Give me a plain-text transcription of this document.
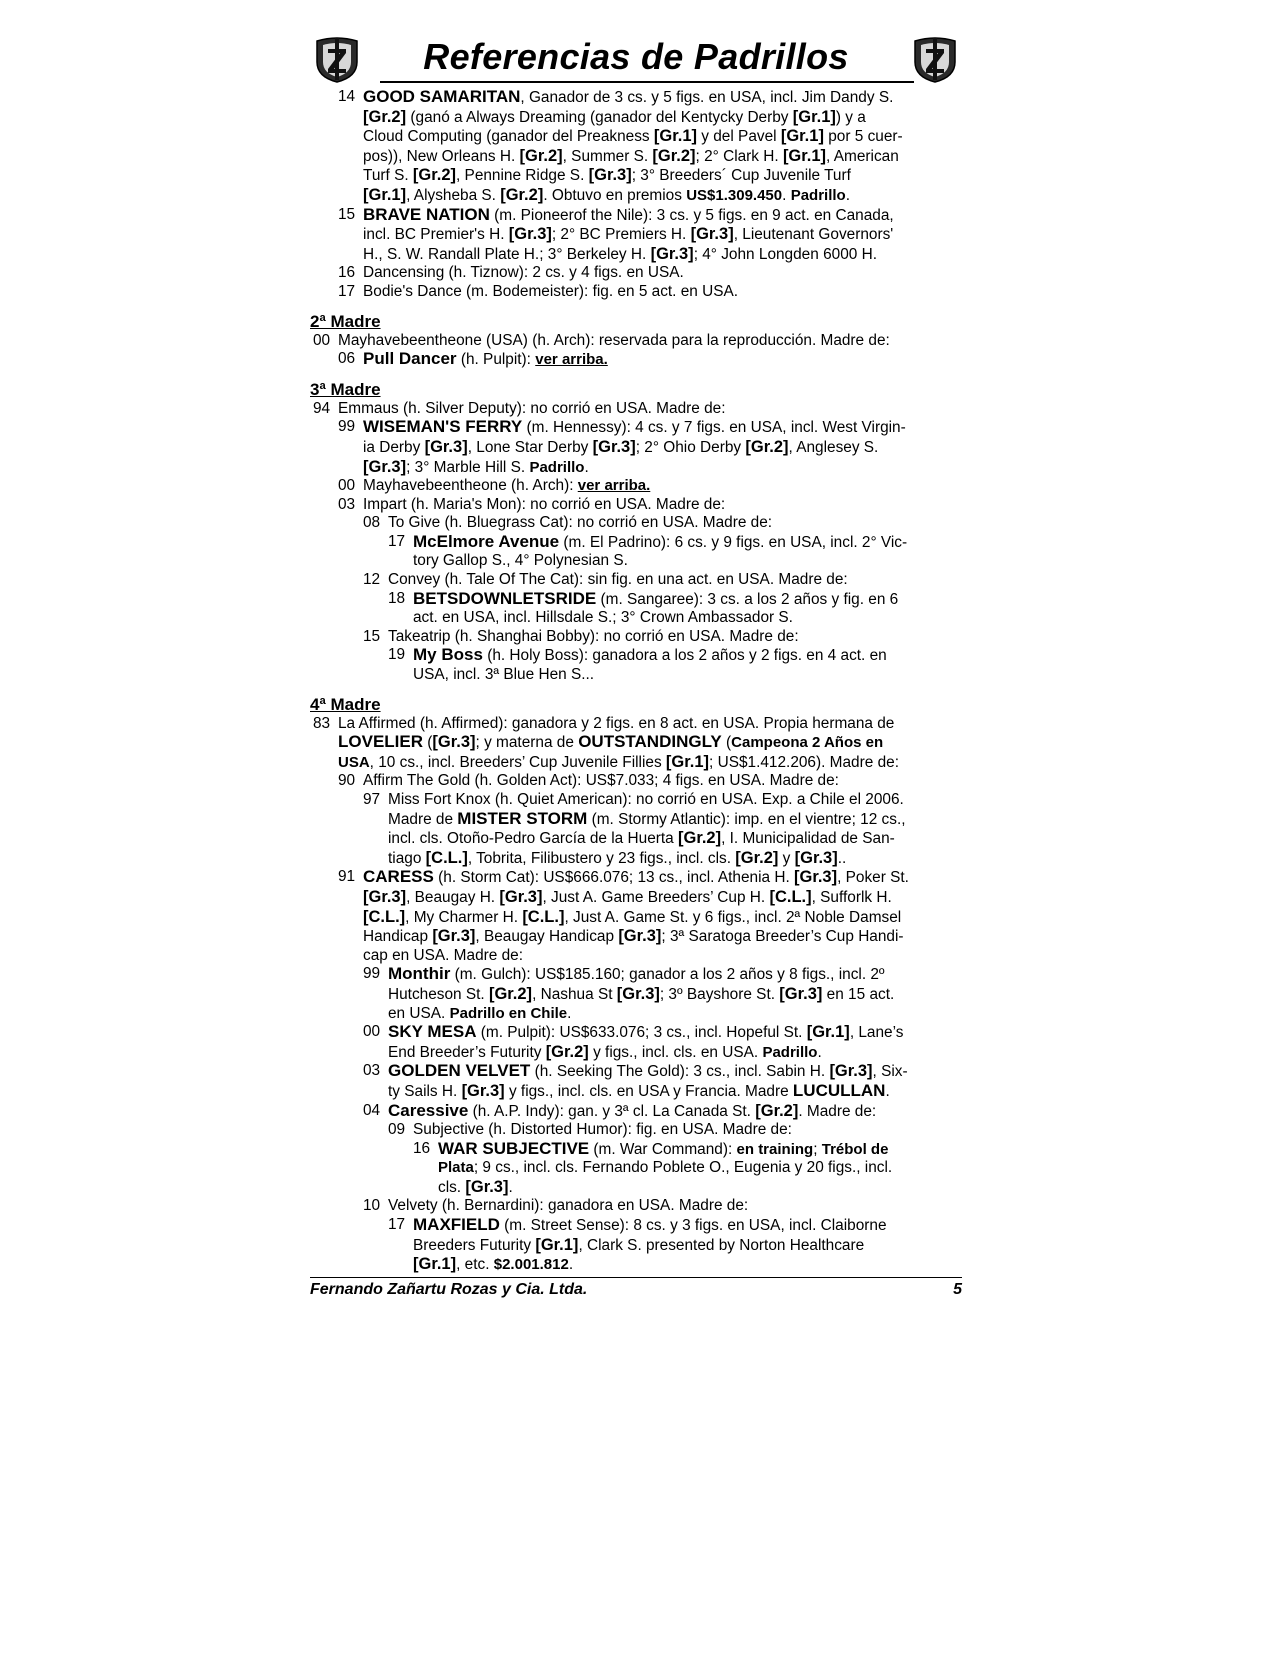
Referencias de Padrillos
14 GOOD SAMARITAN, Ganador de 3 cs. y 5 figs. en USA, incl. Jim Dandy S.
[Gr.2] (ganó a Always Dreaming (ganador del Kentycky Derby [Gr.1]) y a
Cloud Computing (ganador del Preakness [Gr.1] y del Pavel [Gr.1] por 5 cuer-
pos)), New Orleans H. [Gr.2], Summer S. [Gr.2]; 2° Clark H. [Gr.1], American
Turf S. [Gr.2], Pennine Ridge S. [Gr.3]; 3° Breeders´ Cup Juvenile Turf
[Gr.1], Alysheba S. [Gr.2]. Obtuvo en premios US$1.309.450. Padrillo.
15 BRAVE NATION (m. Pioneerof the Nile): 3 cs. y 5 figs. en 9 act. en Canada,
incl. BC Premier's H. [Gr.3]; 2° BC Premiers H. [Gr.3], Lieutenant Governors'
H., S. W. Randall Plate H.; 3° Berkeley H. [Gr.3]; 4° John Longden 6000 H.
16 Dancensing (h. Tiznow): 2 cs. y 4 figs. en USA.
17 Bodie's Dance (m. Bodemeister): fig. en 5 act. en USA.
2ª Madre
00 Mayhavebeentheone (USA) (h. Arch): reservada para la reproducción. Madre de:
06 Pull Dancer (h. Pulpit): ver arriba.
3ª Madre
94 Emmaus (h. Silver Deputy): no corrió en USA. Madre de:
99 WISEMAN'S FERRY (m. Hennessy): 4 cs. y 7 figs. en USA, incl. West Virgin-
ia Derby [Gr.3], Lone Star Derby [Gr.3]; 2° Ohio Derby [Gr.2], Anglesey S.
[Gr.3]; 3° Marble Hill S. Padrillo.
00 Mayhavebeentheone (h. Arch): ver arriba.
03 Impart (h. Maria's Mon): no corrió en USA. Madre de:
08 To Give (h. Bluegrass Cat): no corrió en USA. Madre de:
17 McElmore Avenue (m. El Padrino): 6 cs. y 9 figs. en USA, incl. 2° Vic-
tory Gallop S., 4° Polynesian S.
12 Convey (h. Tale Of The Cat): sin fig. en una act. en USA. Madre de:
18 BETSDOWNLETSRIDE (m. Sangaree): 3 cs. a los 2 años y fig. en 6
act. en USA, incl. Hillsdale S.; 3° Crown Ambassador S.
15 Takeatrip (h. Shanghai Bobby): no corrió en USA. Madre de:
19 My Boss (h. Holy Boss): ganadora a los 2 años y 2 figs. en 4 act. en
USA, incl. 3ª Blue Hen S...
4ª Madre
83 La Affirmed (h. Affirmed): ganadora y 2 figs. en 8 act. en USA. Propia hermana de
LOVELIER ([Gr.3]; y materna de OUTSTANDINGLY (Campeona 2 Años en
USA, 10 cs., incl. Breeders’ Cup Juvenile Fillies [Gr.1]; US$1.412.206). Madre de:
90 Affirm The Gold (h. Golden Act): US$7.033; 4 figs. en USA. Madre de:
97 Miss Fort Knox (h. Quiet American): no corrió en USA. Exp. a Chile el 2006.
Madre de MISTER STORM (m. Stormy Atlantic): imp. en el vientre; 12 cs.,
incl. cls. Otoño-Pedro García de la Huerta [Gr.2], I. Municipalidad de San-
tiago [C.L.], Tobrita, Filibustero y 23 figs., incl. cls. [Gr.2] y [Gr.3]..
91 CARESS (h. Storm Cat): US$666.076; 13 cs., incl. Athenia H. [Gr.3], Poker St.
[Gr.3], Beaugay H. [Gr.3], Just A. Game Breeders’ Cup H. [C.L.], Sufforlk H.
[C.L.], My Charmer H. [C.L.], Just A. Game St. y 6 figs., incl. 2ª Noble Damsel
Handicap [Gr.3], Beaugay Handicap [Gr.3]; 3ª Saratoga Breeder’s Cup Handi-
cap en USA. Madre de:
99 Monthir (m. Gulch): US$185.160; ganador a los 2 años y 8 figs., incl. 2º
Hutcheson St. [Gr.2], Nashua St [Gr.3]; 3º Bayshore St. [Gr.3] en 15 act.
en USA. Padrillo en Chile.
00 SKY MESA (m. Pulpit): US$633.076; 3 cs., incl. Hopeful St. [Gr.1], Lane’s
End Breeder’s Futurity [Gr.2] y figs., incl. cls. en USA. Padrillo.
03 GOLDEN VELVET (h. Seeking The Gold): 3 cs., incl. Sabin H. [Gr.3], Six-
ty Sails H. [Gr.3] y figs., incl. cls. en USA y Francia. Madre LUCULLAN.
04 Caressive (h. A.P. Indy): gan. y 3ª cl. La Canada St. [Gr.2]. Madre de:
09 Subjective (h. Distorted Humor): fig. en USA. Madre de:
16 WAR SUBJECTIVE (m. War Command): en training; Trébol de
Plata; 9 cs., incl. cls. Fernando Poblete O., Eugenia y 20 figs., incl.
cls. [Gr.3].
10 Velvety (h. Bernardini): ganadora en USA. Madre de:
17 MAXFIELD (m. Street Sense): 8 cs. y 3 figs. en USA, incl. Claiborne
Breeders Futurity [Gr.1], Clark S. presented by Norton Healthcare
[Gr.1], etc. $2.001.812.
Fernando Zañartu Rozas y Cia. Ltda.	5
